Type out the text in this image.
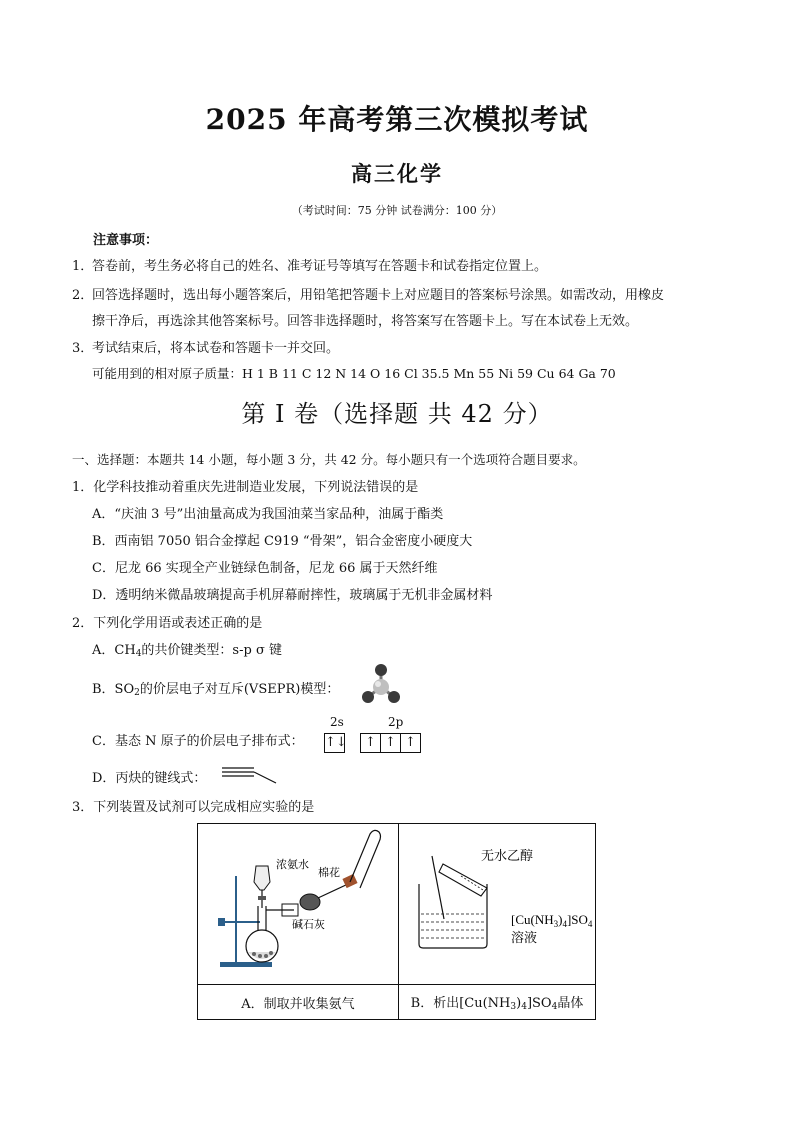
2025 年高考第三次模拟考试
高三化学
（考试时间：75 分钟 试卷满分：100 分）
注意事项：
1．
答卷前，考生务必将自己的姓名、准考证号等填写在答题卡和试卷指定位置上。
2．
回答选择题时，选出每小题答案后，用铅笔把答题卡上对应题目的答案标号涂黑。如需改动，用橡皮
擦干净后，再选涂其他答案标号。回答非选择题时，将答案写在答题卡上。写在本试卷上无效。
3．
考试结束后，将本试卷和答题卡一并交回。
可能用到的相对原子质量：H 1 B 11 C 12 N 14 O 16 Cl 35.5 Mn 55 Ni 59 Cu 64 Ga 70
第 I 卷（选择题 共 42 分）
一、选择题：本题共 14 小题，每小题 3 分，共 42 分。每小题只有一个选项符合题目要求。
1．化学科技推动着重庆先进制造业发展，下列说法错误的是
A．“庆油 3 号”出油量高成为我国油菜当家品种，油属于酯类
B．西南铝 7050 铝合金撑起 C919 “骨架”，铝合金密度小硬度大
C．尼龙 66 实现全产业链绿色制备，尼龙 66 属于天然纤维
D．透明纳米微晶玻璃提高手机屏幕耐摔性，玻璃属于无机非金属材料
2．下列化学用语或表述正确的是
A．$CH_4$的共价键类型：s-p σ 键
B．$SO_2$的价层电子对互斥(VSEPR)模型：
C．基态 N 原子的价层电子排布式：
2s	2p
↑↓	↑ ↑ ↑
D．丙炔的键线式：
3．下列装置及试剂可以完成相应实验的是
浓氨水
棉花
碱石灰	无水乙醇
$[Cu(NH_3)_4]SO_4$
溶液

A．制取并收集氨气	B．析出$[Cu(NH_3)_4]SO_4$晶体
